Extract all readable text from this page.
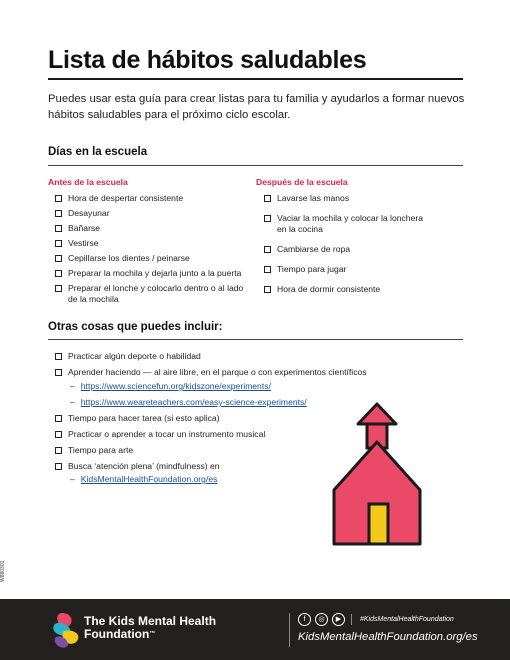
Lista de hábitos saludables

Puedes usar esta guía para crear listas para tu familia y ayudarlos a formar nuevos hábitos saludables para el próximo ciclo escolar.

Días en la escuela
Antes de la escuela
Hora de despertar consistente
Desayunar
Bañarse
Vestirse
Cepillarse los dientes / peinarse
Preparar la mochila y dejarla junto a la puerta
Preparar el lonche y colocarlo dentro o al lado de la mochila
Después de la escuela
Lavarse las manos
Vaciar la mochila y colocar la lonchera en la cocina
Cambiarse de ropa
Tiempo para jugar
Hora de dormir consistente
Otras cosas que puedes incluir:
Practicar algún deporte o habilidad
Aprender haciendo — al aire libre, en el parque o con experimentos científicos
– https://www.sciencefun.org/kidszone/experiments/
– https://www.weareteachers.com/easy-science-experiments/
Tiempo para hacer tarea (si esto aplica)
Practicar o aprender a tocar un instrumento musical
Tiempo para arte
Busca ‘atención plena’ (mindfulness) en
– KidsMentalHealthFoundation.org/es
W880301
The Kids Mental Health
Foundation™
f	◎	▶	#KidsMentalHealthFoundation
KidsMentalHealthFoundation.org/es
